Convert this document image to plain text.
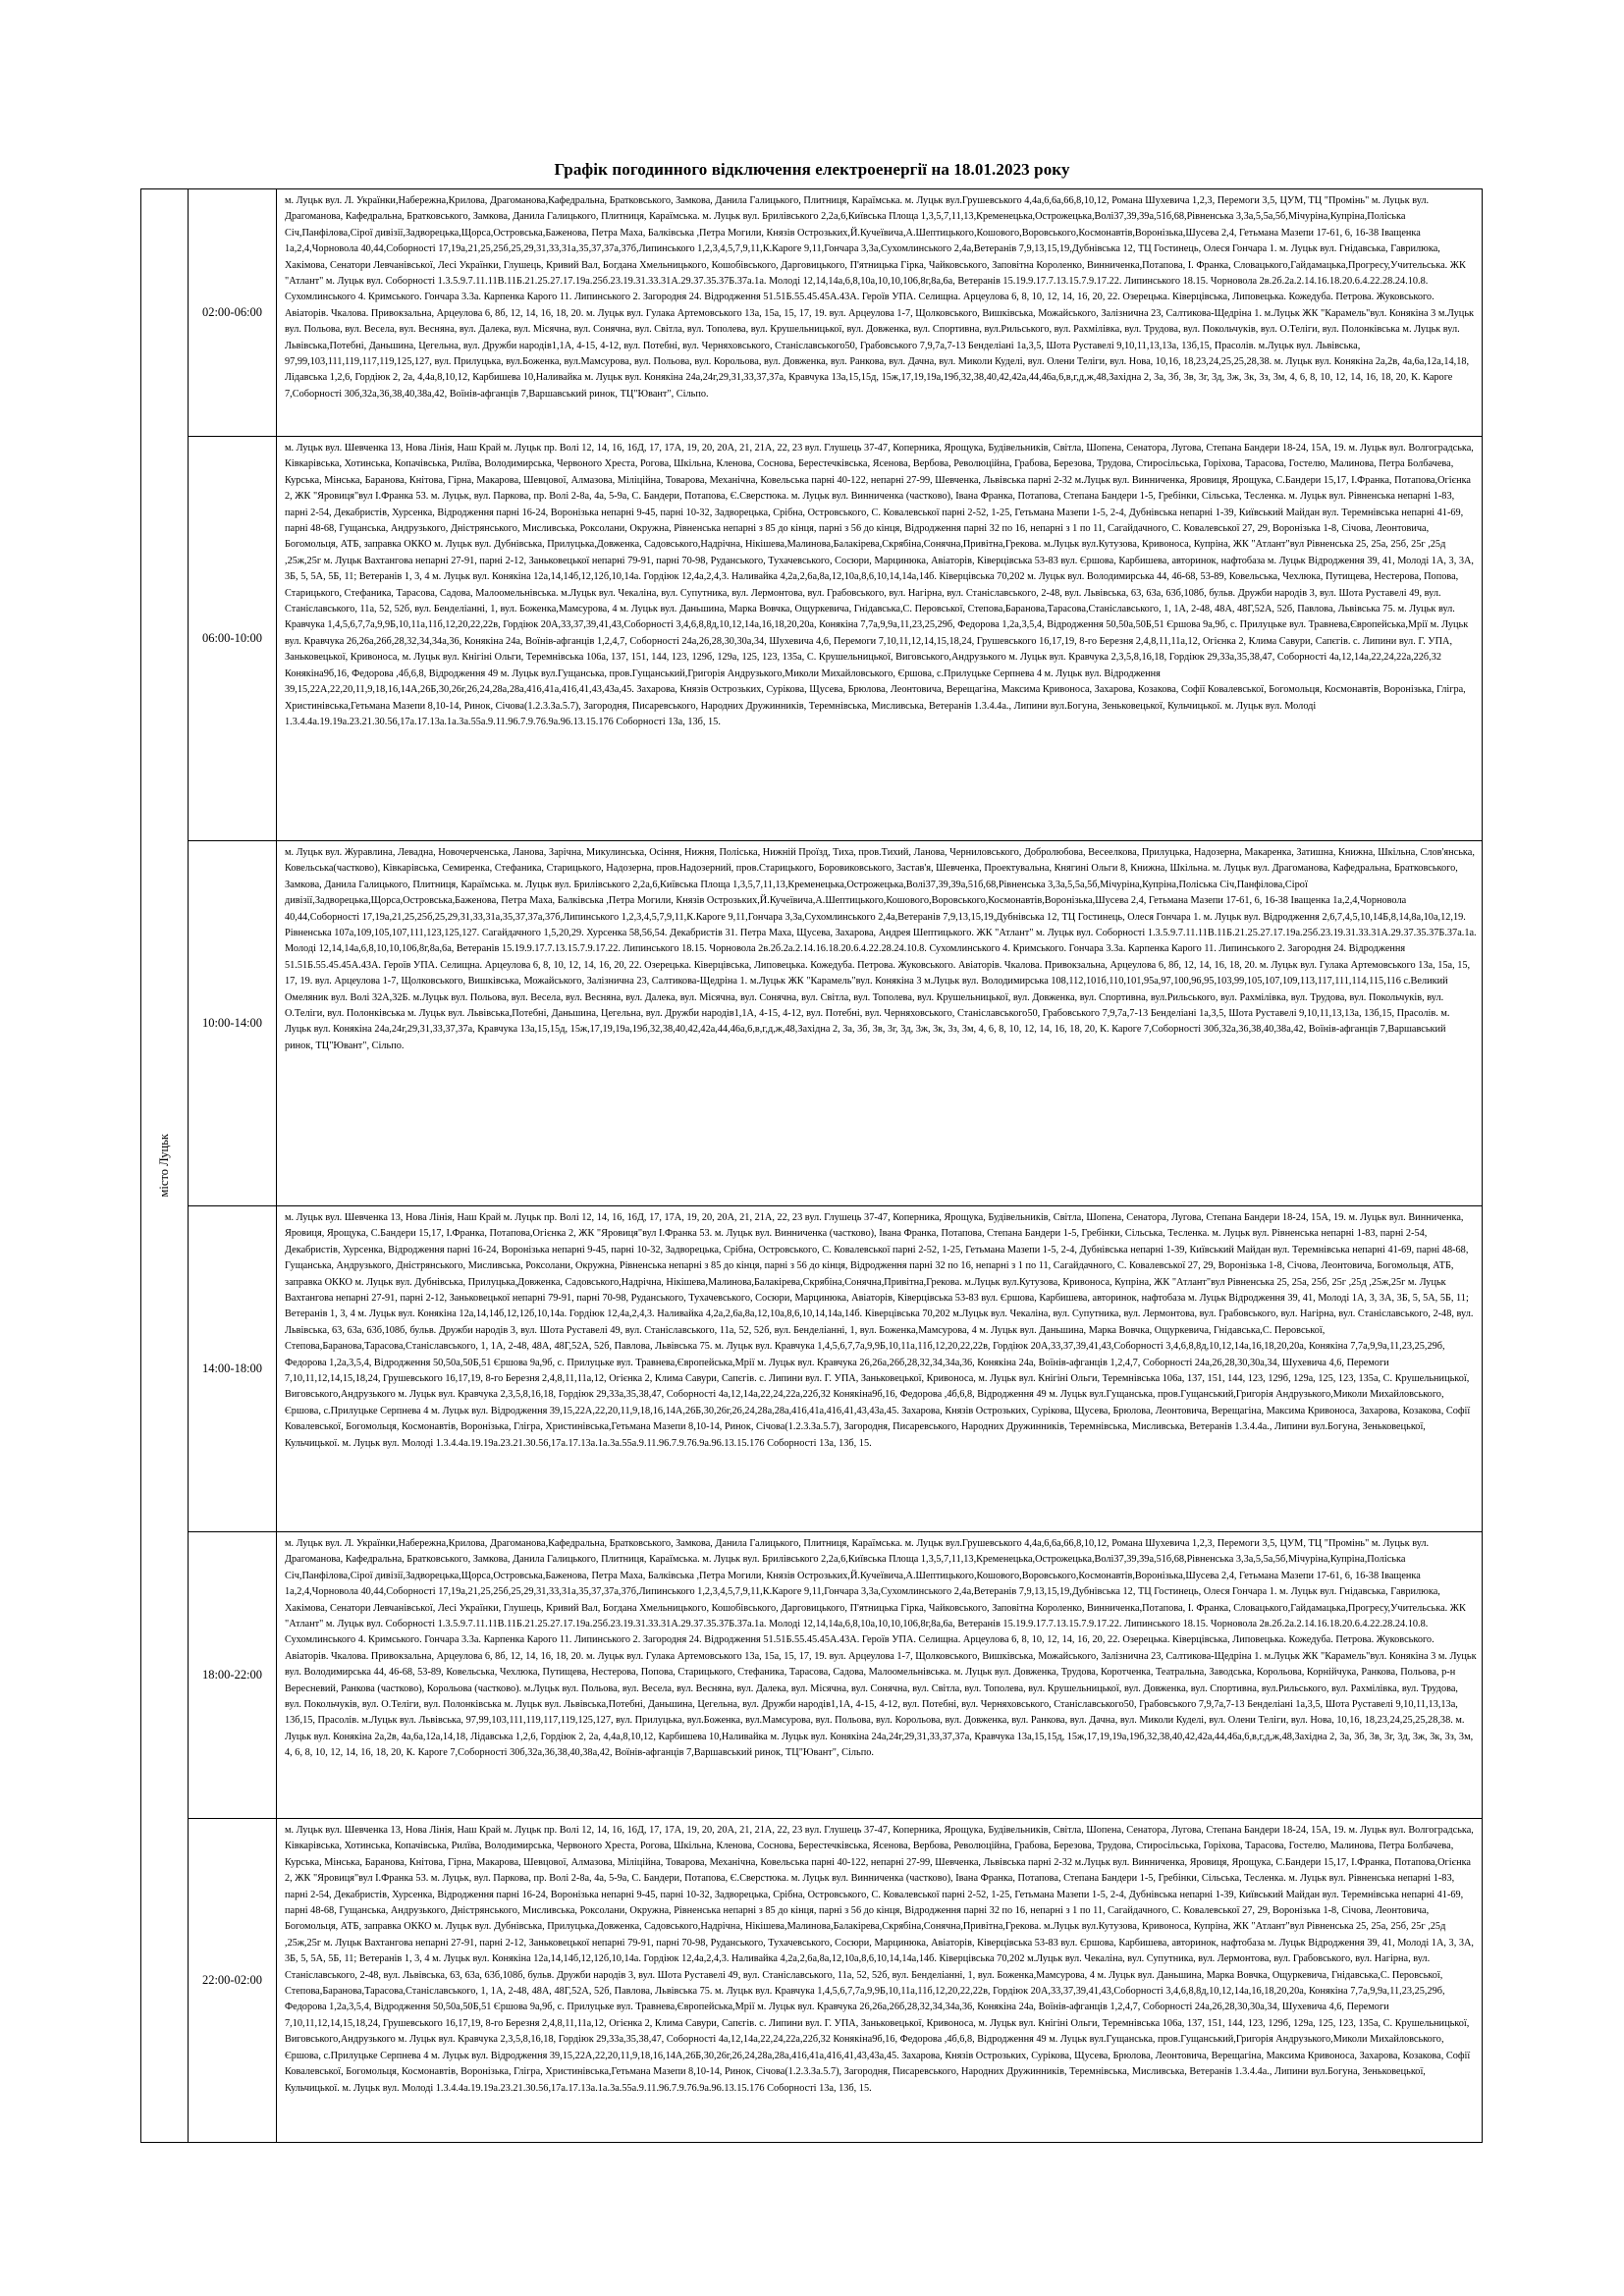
Графік погодинного відключення електроенергії на 18.01.2023 року
місто Луцьк	02:00-06:00	м. Луцьк вул. Л. Українки,Набережна,Крилова, Драгоманова,Кафедральна, Братковського, Замкова, Данила Галицького, Плитниця, Караїмська. м. Луцьк вул.Грушевського 4,4а,6,6а,66,8,10,12, Романа Шухевича 1,2,3, Перемоги 3,5, ЦУМ, ТЦ "Промінь" м. Луцьк вул. Драгоманова, Кафедральна, Братковського, Замкова, Данила Галицького, Плитниця, Караїмська. м. Луцьк вул. Брилівського 2,2а,6,Київська Площа 1,3,5,7,11,13,Кременецька,Острожецька,Волі37,39,39а,51б,68,Рівненська 3,3а,5,5а,5б,Мічуріна,Купріна,Поліська Січ,Панфілова,Сірої дивізії,Задворецька,Щорса,Островська,Баженова, Петра Маха, Балківська ,Петра Могили, Князів Острозьких,Й.Кучеївича,А.Шептицького,Кошового,Воровського,Космонавтів,Воронізька,Шусева 2,4, Гетьмана Мазепи 17-61, 6, 16-38 Іващенка 1а,2,4,Чорновола 40,44,Соборності 17,19а,21,25,25б,25,29,31,33,31а,35,37,37а,37б,Липинського 1,2,3,4,5,7,9,11,К.Кароге 9,11,Гончара 3,3а,Сухомлинського 2,4а,Ветеранів 7,9,13,15,19,Дубнівська 12, ТЦ Гостинець, Олеся Гончара 1. м. Луцьк вул. Гнідавська, Гаврилюка, Хакімова, Сенатори Левчанівської, Лесі Українки, Глушець, Кривий Вал, Богдана Хмельницького, Кошобівського, Дарговицького, П'ятницька Гірка, Чайковського, Заповітна Короленко, Винниченка,Потапова, І. Франка, Словацького,Гайдамацька,Прогресу,Учительська. ЖК "Атлант" м. Луцьк вул. Соборності 1.3.5.9.7.11.11В.11Б.21.25.27.17.19а.25б.23.19.31.33.31А.29.37.35.37Б.37а.1а. Молоді 12,14,14а,6,8,10а,10,10,106,8г,8а,6а, Ветеранів 15.19.9.17.7.13.15.7.9.17.22. Липинського 18.15. Чорновола 2в.2б.2а.2.14.16.18.20.6.4.22.28.24.10.8. Сухомлинського 4. Кримського. Гончара 3.3а. Карпенка Карого 11. Липинського 2. Загородня 24. Відродження 51.51Б.55.45.45А.43А. Героїв УПА. Селищна. Арцеулова 6, 8, 10, 12, 14, 16, 20, 22. Озерецька. Ківерцівська, Липовецька. Кожедуба. Петрова. Жуковського. Авіаторів. Чкалова. Привокзальна, Арцеулова 6, 8б, 12, 14, 16, 18, 20. м. Луцьк вул. Гулака Артемовського 13а, 15а, 15, 17, 19. вул. Арцеулова 1-7, Щолковського, Вишківська, Можайського, Залізнична 23, Салтикова-Щедріна 1. м.Луцьк ЖК "Карамель"вул. Конякіна 3 м.Луцьк вул. Польова, вул. Весела, вул. Веснянa, вул. Далека, вул. Місячна, вул. Сонячна, вул. Світла, вул. Тополева, вул. Крушельницької, вул. Довженка, вул. Спортивна, вул.Рильського, вул. Рахмілівка, вул. Трудова, вул. Покольчуків, вул. О.Теліги, вул. Полонківська м. Луцьк вул. Львівська,Потебні, Даньшина, Цегельна, вул. Дружби народів1,1А, 4-15, 4-12, вул. Потебні, вул. Черняховського, Станіславського50, Грабовського 7,9,7а,7-13 Бенделіані 1а,3,5, Шота Руставелі 9,10,11,13,13а, 13б,15, Прасолів. м.Луцьк вул. Львівська, 97,99,103,111,119,117,119,125,127, вул. Прилуцька, вул.Боженка, вул.Мамсурова, вул. Польова, вул. Корольова, вул. Довженка, вул. Ранкова, вул. Дачна, вул. Миколи Куделі, вул. Олени Теліги, вул. Нова, 10,16, 18,23,24,25,25,28,38. м. Луцьк вул. Конякіна 2а,2в, 4а,6а,12а,14,18, Лідавська 1,2,6, Гордіюк 2, 2а, 4,4а,8,10,12, Карбишева 10,Наливайка м. Луцьк вул. Конякіна 24а,24г,29,31,33,37,37а, Кравчука 13а,15,15д, 15ж,17,19,19а,19б,32,38,40,42,42а,44,46а,6,в,г,д,ж,48,Західна 2, 3а, 3б, 3в, 3г, 3д, 3ж, 3к, 3з, 3м, 4, 6, 8, 10, 12, 14, 16, 18, 20, К. Кароге 7,Соборності 30б,32а,36,38,40,38а,42, Воїнів-афганців 7,Варшавський ринок, ТЦ"Ювант", Сільпо.
	06:00-10:00	м. Луцьк вул. Шевченка 13, Нова Лінія, Наш Край м. Луцьк пр. Волі 12, 14, 16, 16Д, 17, 17А, 19, 20, 20А, 21, 21А, 22, 23 вул. Глушець 37-47, Коперника, Ярощука, Будівельників, Світла, Шопена, Сенатора, Лугова, Степана Бандери 18-24, 15А, 19. м. Луцьк вул. Волгоградська, Ківкарівська, Хотинська, Копачівська, Рилїва, Володимирська, Червоного Хреста, Рогова, Шкільна, Кленова, Соснова, Берестечківська, Ясенова, Вербова, Революційна, Грабова, Березова, Трудова, Стиросільська, Гоpіхова, Тарасова, Гостелю, Малинова, Петра Болбачева, Курська, Мінська, Баранова, Кнітова, Гірна, Макарова, Шевцової, Алмазова, Міліційна, Товарова, Механічна, Ковельська парні 40-122, непарні 27-99, Шевченка, Львівська парні 2-32 м.Луцьк вул. Винниченка, Яровиця, Ярощука, С.Бандери 15,17, І.Франка, Потапова,Огієнка 2, ЖК "Яровиця"вул І.Франка 53. м. Луцьк, вул. Паркова, пр. Волі 2-8а, 4а, 5-9а, С. Бандери, Потапова, Є.Сверстюка. м. Луцьк вул. Винниченка (частково), Івана Франка, Потапова, Степана Бандери 1-5, Гребінки, Сільська, Тесленка. м. Луцьк вул. Рівненська непарні 1-83, парні 2-54, Декабристів, Хурсенка, Відродження парні 16-24, Воронізька непарні 9-45, парні 10-32, Задворецька, Срібна, Островського, С. Ковалевської парні 2-52, 1-25, Гетьмана Мазепи 1-5, 2-4, Дубнівська непарні 1-39, Київський Майдан вул. Теремнівська непарні 41-69, парні 48-68, Гущанська, Андрузького, Дністрянського, Мисливська, Роксолани, Окружна, Рівненська непарні з 85 до кінця, парні з 56 до кінця, Відродження парні 32 по 16, непарні з 1 по 11, Сагайдачного, С. Ковалевської 27, 29, Воронізька 1-8, Січова, Леонтовича, Богомольця, АТБ, заправка ОККО м. Луцьк вул. Дубнівська, Прилуцька,Довженка, Садовського,Надрічна, Нікішева,Малинова,Балакірева,Скрябіна,Сонячна,Привітна,Грекова. м.Луцьк вул.Кутузова, Кривоноса, Купріна, ЖК "Атлант"вул Рівненська 25, 25а, 25б, 25г ,25д ,25ж,25г м. Луцьк Вахтангова непарні 27-91, парні 2-12, Заньковецької непарні 79-91, парні 70-98, Руданського, Тухачевського, Сосюри, Марцинюка, Авіаторів, Ківерцівська 53-83 вул. Єршова, Карбишева, авторинок, нафтобаза м. Луцьк Відродження 39, 41, Молоді 1А, 3, 3А, 3Б, 5, 5А, 5Б, 11; Ветеранів 1, 3, 4 м. Луцьк вул. Конякіна 12а,14,14б,12,12б,10,14а. Гордіюк 12,4а,2,4,3. Наливайка 4,2а,2,6а,8а,12,10а,8,6,10,14,14а,14б. Ківерцівська 70,202 м. Луцьк вул. Володимирська 44, 46-68, 53-89, Ковельська, Чехлюка, Путищева, Нестерова, Попова, Старицького, Стефаника, Тарасова, Садова, Малоомельнівська. м.Луцьк вул. Чекаліна, вул. Супутника, вул. Лермонтова, вул. Грабовського, вул. Нагірна, вул. Станіславського, 2-48, вул. Львівська, 63, 63а, 63б,108б, бульв. Дружби народів 3, вул. Шота Руставелі 49, вул. Станіславського, 11а, 52, 52б, вул. Бенделіанні, 1, вул. Боженка,Мамсурова, 4 м. Луцьк вул. Даньшина, Марка Вовчка, Ощуркевича, Гнідавська,С. Перовської, Степова,Баранова,Тарасова,Станіславського, 1, 1А, 2-48, 48А, 48Г,52А, 52б, Павлова, Львівська 75. м. Луцьк вул. Кравчука 1,4,5,6,7,7а,9,9Б,10,11а,11б,12,20,22,22в, Гордіюк 20А,33,37,39,41,43,Соборності 3,4,6,8,8д,10,12,14а,16,18,20,20а, Конякіна 7,7а,9,9а,11,23,25,29б, Федорова 1,2а,3,5,4, Відродження 50,50а,50Б,51 Єршова 9а,9б, с. Прилуцьке вул. Травнева,Європейська,Мрії м. Луцьк вул. Кравчука 26,26а,26б,28,32,34,34а,36, Конякіна 24а, Воїнів-афганців 1,2,4,7, Соборності 24а,26,28,30,30а,34, Шухевича 4,6, Перемоги 7,10,11,12,14,15,18,24, Грушевського 16,17,19, 8-го Березня 2,4,8,11,11а,12, Огієнка 2, Клима Савури, Сапєгів. с. Липини вул. Г. УПА, Заньковецької, Кривоноса, м. Луцьк вул. Кнігіні Ольги, Теремнівська 106а, 137, 151, 144, 123, 129б, 129а, 125, 123, 135а, С. Крушельницької, Виговського,Андрузького м. Луцьк вул. Кравчука 2,3,5,8,16,18, Гордіюк 29,33а,35,38,47, Соборності 4а,12,14а,22,24,22а,22б,32 Конякіна9б,16, Федорова ,4б,6,8, Відродження 49 м. Луцьк вул.Гущанська, пров.Гущанський,Григорія Андрузького,Миколи Михайловського, Єршова, с.Прилуцьке Серпнева 4 м. Луцьк вул. Відродження 39,15,22А,22,20,11,9,18,16,14А,26Б,30,26г,26,24,28а,28а,416,41а,416,41,43,43а,45. Захарова, Князів Острозьких, Сурікова, Щусева, Брюлова, Леонтовича, Верещагіна, Максима Кривоноса, Захарова, Козакова, Софії Ковалевської, Богомольця, Космонавтів, Воронізька, Глігра, Христинівська,Гетьмана Мазепи 8,10-14, Ринок, Січова(1.2.3.За.5.7), Загородня, Писаревського, Народних Дружинників, Теремнівська, Мисливська, Ветеранів 1.3.4.4а., Липини вул.Богуна, Зеньковецької, Кульчицької. м. Луцьк вул. Молоді 1.3.4.4а.19.19а.23.21.30.56,17а.17.13а.1а.3а.55а.9.11.96.7.9.76.9а.96.13.15.176 Соборності 13а, 13б, 15.
	10:00-14:00	м. Луцьк вул. Журавлина, Левадна, Новочерченська, Ланова, Зарічна, Микулинська, Осіння, Нижня, Полiська, Нижній Проїзд, Тиха, пров.Тихий, Ланова, Черниловського, Добролюбова, Весеелкова, Прилуцька, Надозерна, Макаренка, Затишна, Книжна, Шкільна, Слов'янська, Ковельська(частково), Ківкарівська, Семиренка, Стефаника, Старицького, Надозерна, пров.Надозерний, пров.Старицького, Боровиковського, Застав'я, Шевченка, Проектувальна, Княгинi Ольги 8, Книжна, Шкiльна. м. Луцьк вул. Драгоманова, Кафедральна, Братковського, Замкова, Данила Галицького, Плитниця, Караїмська. м. Луцьк вул. Брилівського 2,2а,6,Київська Площа 1,3,5,7,11,13,Кременецька,Острожецька,Волі37,39,39а,51б,68,Рівненська 3,3а,5,5а,5б,Мічуріна,Купріна,Поліська Січ,Панфілова,Сірої дивізії,Задворецька,Щорса,Островська,Баженова, Петра Маха, Балківська ,Петра Могили, Князів Острозьких,Й.Кучеївича,А.Шептицького,Кошового,Воровського,Космонавтів,Воронізька,Шусева 2,4, Гетьмана Мазепи 17-61, 6, 16-38 Іващенка 1а,2,4,Чорновола 40,44,Соборності 17,19а,21,25,25б,25,29,31,33,31а,35,37,37а,37б,Липинського 1,2,3,4,5,7,9,11,К.Кароге 9,11,Гончара 3,3а,Сухомлинського 2,4а,Ветеранів 7,9,13,15,19,Дубнівська 12, ТЦ Гостинець, Олеся Гончара 1. м. Луцьк вул. Відродження 2,6,7,4,5,10,14Б,8,14,8а,10а,12,19. Рівненська 107а,109,105,107,111,123,125,127. Сагайдачного 1,5,20,29. Хурсенка 58,56,54. Декабристів 31. Петра Маха, Щусева, Захарова, Андрея Шептицького. ЖК "Атлант" м. Луцьк вул. Соборності 1.3.5.9.7.11.11В.11Б.21.25.27.17.19а.25б.23.19.31.33.31А.29.37.35.37Б.37а.1а. Молоді 12,14,14а,6,8,10,10,106,8г,8а,6а, Ветеранів 15.19.9.17.7.13.15.7.9.17.22. Липинського 18.15. Чорновола 2в.2б.2а.2.14.16.18.20.6.4.22.28.24.10.8. Сухомлинського 4. Кримського. Гончара 3.3а. Карпенка Карого 11. Липинського 2. Загородня 24. Відродження 51.51Б.55.45.45А.43А. Героїв УПА. Селищна. Арцеулова 6, 8, 10, 12, 14, 16, 20, 22. Озерецька. Ківерцівська, Липовецька. Кожедуба. Петрова. Жуковського. Авіаторів. Чкалова. Привокзальна, Арцеулова 6, 8б, 12, 14, 16, 18, 20. м. Луцьк вул. Гулака Артемовського 13а, 15а, 15, 17, 19. вул. Арцеулова 1-7, Щолковського, Вишківська, Можайського, Залізнична 23, Салтикова-Щедріна 1. м.Луцьк ЖК "Карамель"вул. Конякіна 3 м.Луцьк вул. Володимирська 108,112,101б,110,101,95а,97,100,96,95,103,99,105,107,109,113,117,111,114,115,116 с.Великий Омеляник вул. Волі 32А,32Б. м.Луцьк вул. Польова, вул. Весела, вул. Весняна, вул. Далека, вул. Місячна, вул. Сонячна, вул. Світла, вул. Тополева, вул. Крушельницької, вул. Довженка, вул. Спортивна, вул.Рильського, вул. Рахмілівка, вул. Трудова, вул. Покольчуків, вул. О.Теліги, вул. Полонківська м. Луцьк вул. Львівська,Потебні, Даньшина, Цегельна, вул. Дружби народів1,1А, 4-15, 4-12, вул. Потебні, вул. Черняховського, Станіславського50, Грабовського 7,9,7а,7-13 Бенделіані 1а,3,5, Шота Руставелі 9,10,11,13,13а, 13б,15, Прасолів. м. Луцьк вул. Конякіна 24а,24г,29,31,33,37,37а, Кравчука 13а,15,15д, 15ж,17,19,19а,19б,32,38,40,42,42а,44,46а,6,в,г,д,ж,48,Західна 2, 3а, 3б, 3в, 3г, 3д, 3ж, 3к, 3з, 3м, 4, 6, 8, 10, 12, 14, 16, 18, 20, К. Кароге 7,Соборності 30б,32а,36,38,40,38а,42, Воїнів-афганців 7,Варшавський ринок, ТЦ"Ювант", Сільпо.
	14:00-18:00	м. Луцьк вул. Шевченка 13, Нова Лінія, Наш Край м. Луцьк пр. Волі 12, 14, 16, 16Д, 17, 17А, 19, 20, 20А, 21, 21А, 22, 23 вул. Глушець 37-47, Коперника, Ярощука, Будівельників, Світла, Шопена, Сенатора, Лугова, Степана Бандери 18-24, 15А, 19. м. Луцьк вул. Винниченка, Яровиця, Ярощука, С.Бандери 15,17, І.Франка, Потапова,Огієнка 2, ЖК "Яровиця"вул І.Франка 53. м. Луцьк вул. Винниченка (частково), Івана Франка, Потапова, Степана Бандери 1-5, Гребінки, Сільська, Тесленка. м. Луцьк вул. Рівненська непарні 1-83, парні 2-54, Декабристів, Хурсенка, Відродження парні 16-24, Воронізька непарні 9-45, парні 10-32, Задворецька, Срібна, Островського, С. Ковалевської парні 2-52, 1-25, Гетьмана Мазепи 1-5, 2-4, Дубнівська непарні 1-39, Київський Майдан вул. Теремнівська непарні 41-69, парні 48-68, Гущанська, Андрузького, Дністрянського, Мисливська, Роксолани, Окружна, Рівненська непарні з 85 до кінця, парні з 56 до кінця, Відродження парні 32 по 16, непарні з 1 по 11, Сагайдачного, С. Ковалевської 27, 29, Воронізька 1-8, Січова, Леонтовича, Богомольця, АТБ, заправка ОККО м. Луцьк вул. Дубнівська, Прилуцька,Довженка, Садовського,Надрічна, Нікішева,Малинова,Балакірева,Скрябіна,Сонячна,Привітна,Грекова. м.Луцьк вул.Кутузова, Кривоноса, Купріна, ЖК "Атлант"вул Рівненська 25, 25а, 25б, 25г ,25д ,25ж,25г м. Луцьк Вахтангова непарні 27-91, парні 2-12, Заньковецької непарні 79-91, парні 70-98, Руданського, Тухачевського, Сосюри, Марцинюка, Авіаторів, Ківерцівська 53-83 вул. Єршова, Карбишева, авторинок, нафтобаза м. Луцьк Відродження 39, 41, Молоді 1А, 3, 3А, 3Б, 5, 5А, 5Б, 11; Ветеранів 1, 3, 4 м. Луцьк вул. Конякіна 12а,14,14б,12,12б,10,14а. Гордіюк 12,4а,2,4,3. Наливайка 4,2а,2,6а,8а,12,10а,8,6,10,14,14а,14б. Ківерцівська 70,202 м.Луцьк вул. Чекаліна, вул. Супутника, вул. Лермонтова, вул. Грабовського, вул. Нагірна, вул. Станіславського, 2-48, вул. Львівська, 63, 63а, 63б,108б, бульв. Дружби народів 3, вул. Шота Руставелі 49, вул. Станіславського, 11а, 52, 52б, вул. Бенделіанні, 1, вул. Боженка,Мамсурова, 4 м. Луцьк вул. Даньшина, Марка Вовчка, Ощуркевича, Гнідавська,С. Перовської, Степова,Баранова,Тарасова,Станіславського, 1, 1А, 2-48, 48А, 48Г,52А, 52б, Павлова, Львівська 75. м. Луцьк вул. Кравчука 1,4,5,6,7,7а,9,9Б,10,11а,11б,12,20,22,22в, Гордіюк 20А,33,37,39,41,43,Соборності 3,4,6,8,8д,10,12,14а,16,18,20,20а, Конякіна 7,7а,9,9а,11,23,25,29б, Федорова 1,2а,3,5,4, Відродження 50,50а,50Б,51 Єршова 9а,9б, с. Прилуцьке вул. Травнева,Європейська,Мрії м. Луцьк вул. Кравчука 26,26а,26б,28,32,34,34а,36, Конякіна 24а, Воїнів-афганців 1,2,4,7, Соборності 24а,26,28,30,30а,34, Шухевича 4,6, Перемоги 7,10,11,12,14,15,18,24, Грушевського 16,17,19, 8-го Березня 2,4,8,11,11а,12, Огієнка 2, Клима Савури, Сапєгів. с. Липини вул. Г. УПА, Заньковецької, Кривоноса, м. Луцьк вул. Кнігіні Ольги, Теремнівська 106а, 137, 151, 144, 123, 129б, 129а, 125, 123, 135а, С. Крушельницької, Виговського,Андрузького м. Луцьк вул. Кравчука 2,3,5,8,16,18, Гордіюк 29,33а,35,38,47, Соборності 4а,12,14а,22,24,22а,22б,32 Конякіна9б,16, Федорова ,4б,6,8, Відродження 49 м. Луцьк вул.Гущанська, пров.Гущанський,Григорія Андрузького,Миколи Михайловського, Єршова, с.Прилуцьке Серпнева 4 м. Луцьк вул. Відродження 39,15,22А,22,20,11,9,18,16,14А,26Б,30,26г,26,24,28а,28а,416,41а,416,41,43,43а,45. Захарова, Князів Острозьких, Сурікова, Щусева, Брюлова, Леонтовича, Верещагіна, Максима Кривоноса, Захарова, Козакова, Софії Ковалевської, Богомольця, Космонавтів, Воронізька, Глігра, Христинівська,Гетьмана Мазепи 8,10-14, Ринок, Січова(1.2.3.За.5.7), Загородня, Писаревського, Народних Дружинників, Теремнівська, Мисливська, Ветеранів 1.3.4.4а., Липини вул.Богуна, Зеньковецької, Кульчицької. м. Луцьк вул. Молоді 1.3.4.4а.19.19а.23.21.30.56,17а.17.13а.1а.3а.55а.9.11.96.7.9.76.9а.96.13.15.176 Соборності 13а, 13б, 15.
	18:00-22:00	м. Луцьк вул. Л. Українки,Набережна,Крилова, Драгоманова,Кафедральна, Братковського, Замкова, Данила Галицького, Плитниця, Караїмська. м. Луцьк вул.Грушевського 4,4а,6,6а,66,8,10,12, Романа Шухевича 1,2,3, Перемоги 3,5, ЦУМ, ТЦ "Промінь" м. Луцьк вул. Драгоманова, Кафедральна, Братковського, Замкова, Данила Галицького, Плитниця, Караїмська. м. Луцьк вул. Брилівського 2,2а,6,Київська Площа 1,3,5,7,11,13,Кременецька,Острожецька,Волі37,39,39а,51б,68,Рівненська 3,3а,5,5а,5б,Мічуріна,Купріна,Поліська Січ,Панфілова,Сірої дивізії,Задворецька,Щорса,Островська,Баженова, Петра Маха, Балківська ,Петра Могили, Князів Острозьких,Й.Кучеївича,А.Шептицького,Кошового,Воровського,Космонавтів,Воронізька,Шусева 2,4, Гетьмана Мазепи 17-61, 6, 16-38 Іващенка 1а,2,4,Чорновола 40,44,Соборності 17,19а,21,25,25б,25,29,31,33,31а,35,37,37а,37б,Липинського 1,2,3,4,5,7,9,11,К.Кароге 9,11,Гончара 3,3а,Сухомлинського 2,4а,Ветеранів 7,9,13,15,19,Дубнівська 12, ТЦ Гостинець, Олеся Гончара 1. м. Луцьк вул. Гнідавська, Гаврилюка, Хакімова, Сенатори Левчанівської, Лесі Українки, Глушець, Кривий Вал, Богдана Хмельницького, Кошобівського, Дарговицького, П'ятницька Гірка, Чайковського, Заповітна Короленко, Винниченка,Потапова, І. Франка, Словацького,Гайдамацька,Прогресу,Учительська. ЖК "Атлант" м. Луцьк вул. Соборності 1.3.5.9.7.11.11В.11Б.21.25.27.17.19а.25б.23.19.31.33.31А.29.37.35.37Б.37а.1а. Молоді 12,14,14а,6,8,10а,10,10,106,8г,8а,6а, Ветеранів 15.19.9.17.7.13.15.7.9.17.22. Липинського 18.15. Чорновола 2в.2б.2а.2.14.16.18.20.6.4.22.28.24.10.8. Сухомлинського 4. Кримського. Гончара 3.3а. Карпенка Карого 11. Липинського 2. Загородня 24. Відродження 51.51Б.55.45.45А.43А. Героїв УПА. Селищна. Арцеулова 6, 8, 10, 12, 14, 16, 20, 22. Озерецька. Ківерцівська, Липовецька. Кожедуба. Петрова. Жуковського. Авіаторів. Чкалова. Привокзальна, Арцеулова 6, 8б, 12, 14, 16, 18, 20. м. Луцьк вул. Гулака Артемовського 13а, 15а, 15, 17, 19. вул. Арцеулова 1-7, Щолковського, Вишківська, Можайського, Залізнична 23, Салтикова-Щедріна 1. м.Луцьк ЖК "Карамель"вул. Конякіна 3 м. Луцьк вул. Володимирська 44, 46-68, 53-89, Ковельська, Чехлюка, Путищева, Нестерова, Попова, Старицького, Стефаника, Тарасова, Садова, Малоомельнівська. м. Луцьк вул. Довженка, Трудова, Коротченка, Театральна, Заводська, Корольова, Корнійчука, Ранкова, Польова, р-н Вересневий, Ранкова (частково), Корольова (частково). м.Луцьк вул. Польова, вул. Весела, вул. Весняна, вул. Далека, вул. Місячна, вул. Сонячна, вул. Світла, вул. Тополева, вул. Крушельницької, вул. Довженка, вул. Спортивна, вул.Рильського, вул. Рахмілівка, вул. Трудова, вул. Покольчуків, вул. О.Теліги, вул. Полонківська м. Луцьк вул. Львівська,Потебні, Даньшина, Цегельна, вул. Дружби народів1,1А, 4-15, 4-12, вул. Потебні, вул. Черняховського, Станіславського50, Грабовського 7,9,7а,7-13 Бенделіані 1а,3,5, Шота Руставелі 9,10,11,13,13а, 13б,15, Прасолів. м.Луцьк вул. Львівська, 97,99,103,111,119,117,119,125,127, вул. Прилуцька, вул.Боженка, вул.Мамсурова, вул. Польова, вул. Корольова, вул. Довженка, вул. Ранкова, вул. Дачна, вул. Миколи Куделі, вул. Олени Теліги, вул. Нова, 10,16, 18,23,24,25,25,28,38. м. Луцьк вул. Конякіна 2а,2в, 4а,6а,12а,14,18, Лідавська 1,2,6, Гордіюк 2, 2а, 4,4а,8,10,12, Карбишева 10,Наливайка м. Луцьк вул. Конякіна 24а,24г,29,31,33,37,37а, Кравчука 13а,15,15д, 15ж,17,19,19а,19б,32,38,40,42,42а,44,46а,6,в,г,д,ж,48,Західна 2, 3а, 3б, 3в, 3г, 3д, 3ж, 3к, 3з, 3м, 4, 6, 8, 10, 12, 14, 16, 18, 20, К. Кароге 7,Соборності 30б,32а,36,38,40,38а,42, Воїнів-афганців 7,Варшавський ринок, ТЦ"Ювант", Сільпо.
	22:00-02:00	м. Луцьк вул. Шевченка 13, Нова Лінія, Наш Край м. Луцьк пр. Волі 12, 14, 16, 16Д, 17, 17А, 19, 20, 20А, 21, 21А, 22, 23 вул. Глушець 37-47, Коперника, Ярощука, Будівельників, Світла, Шопена, Сенатора, Лугова, Степана Бандери 18-24, 15А, 19. м. Луцьк вул. Волгоградська, Ківкарівська, Хотинська, Копачівська, Рилїва, Володимирська, Червоного Хреста, Рогова, Шкільна, Кленова, Соснова, Берестечківська, Ясенова, Вербова, Революційна, Грабова, Березова, Трудова, Стиросільська, Гоpіхова, Тарасова, Гостелю, Малинова, Петра Болбачева, Курська, Мінська, Баранова, Кнітова, Гірна, Макарова, Шевцової, Алмазова, Міліційна, Товарова, Механічна, Ковельська парні 40-122, непарні 27-99, Шевченка, Львівська парні 2-32 м.Луцьк вул. Винниченка, Яровиця, Ярощука, С.Бандери 15,17, І.Франка, Потапова,Огієнка 2, ЖК "Яровиця"вул І.Франка 53. м. Луцьк, вул. Паркова, пр. Волі 2-8а, 4а, 5-9а, С. Бандери, Потапова, Є.Сверстюка. м. Луцьк вул. Винниченка (частково), Івана Франка, Потапова, Степана Бандери 1-5, Гребінки, Сільська, Тесленка. м. Луцьк вул. Рівненська непарні 1-83, парні 2-54, Декабристів, Хурсенка, Відродження парні 16-24, Воронізька непарні 9-45, парні 10-32, Задворецька, Срібна, Островського, С. Ковалевської парні 2-52, 1-25, Гетьмана Мазепи 1-5, 2-4, Дубнівська непарні 1-39, Київський Майдан вул. Теремнівська непарні 41-69, парні 48-68, Гущанська, Андрузького, Дністрянського, Мисливська, Роксолани, Окружна, Рівненська непарні з 85 до кінця, парні з 56 до кінця, Відродження парні 32 по 16, непарні з 1 по 11, Сагайдачного, С. Ковалевської 27, 29, Воронізька 1-8, Січова, Леонтовича, Богомольця, АТБ, заправка ОККО м. Луцьк вул. Дубнівська, Прилуцька,Довженка, Садовського,Надрічна, Нікішева,Малинова,Балакірева,Скрябіна,Сонячна,Привітна,Грекова. м.Луцьк вул.Кутузова, Кривоноса, Купріна, ЖК "Атлант"вул Рівненська 25, 25а, 25б, 25г ,25д ,25ж,25г м. Луцьк Вахтангова непарні 27-91, парні 2-12, Заньковецької непарні 79-91, парні 70-98, Руданського, Тухачевського, Сосюри, Марцинюка, Авіаторів, Ківерцівська 53-83 вул. Єршова, Карбишева, авторинок, нафтобаза м. Луцьк Відродження 39, 41, Молоді 1А, 3, 3А, 3Б, 5, 5А, 5Б, 11; Ветеранів 1, 3, 4 м. Луцьк вул. Конякіна 12а,14,14б,12,12б,10,14а. Гордіюк 12,4а,2,4,3. Наливайка 4,2а,2,6а,8а,12,10а,8,6,10,14,14а,14б. Ківерцівська 70,202 м.Луцьк вул. Чекаліна, вул. Супутника, вул. Лермонтова, вул. Грабовського, вул. Нагірна, вул. Станіславського, 2-48, вул. Львівська, 63, 63а, 63б,108б, бульв. Дружби народів 3, вул. Шота Руставелі 49, вул. Станіславського, 11а, 52, 52б, вул. Бенделіанні, 1, вул. Боженка,Мамсурова, 4 м. Луцьк вул. Даньшина, Марка Вовчка, Ощуркевича, Гнідавська,С. Перовської, Степова,Баранова,Тарасова,Станіславського, 1, 1А, 2-48, 48А, 48Г,52А, 52б, Павлова, Львівська 75. м. Луцьк вул. Кравчука 1,4,5,6,7,7а,9,9Б,10,11а,11б,12,20,22,22в, Гордіюк 20А,33,37,39,41,43,Соборності 3,4,6,8,8д,10,12,14а,16,18,20,20а, Конякіна 7,7а,9,9а,11,23,25,29б, Федорова 1,2а,3,5,4, Відродження 50,50а,50Б,51 Єршова 9а,9б, с. Прилуцьке вул. Травнева,Європейська,Мрії м. Луцьк вул. Кравчука 26,26а,26б,28,32,34,34а,36, Конякіна 24а, Воїнів-афганців 1,2,4,7, Соборності 24а,26,28,30,30а,34, Шухевича 4,6, Перемоги 7,10,11,12,14,15,18,24, Грушевського 16,17,19, 8-го Березня 2,4,8,11,11а,12, Огієнка 2, Клима Савури, Сапєгів. с. Липини вул. Г. УПА, Заньковецької, Кривоноса, м. Луцьк вул. Кнігіні Ольги, Теремнівська 106а, 137, 151, 144, 123, 129б, 129а, 125, 123, 135а, С. Крушельницької, Виговського,Андрузького м. Луцьк вул. Кравчука 2,3,5,8,16,18, Гордіюк 29,33а,35,38,47, Соборності 4а,12,14а,22,24,22а,22б,32 Конякіна9б,16, Федорова ,4б,6,8, Відродження 49 м. Луцьк вул.Гущанська, пров.Гущанський,Григорія Андрузького,Миколи Михайловського, Єршова, с.Прилуцьке Серпнева 4 м. Луцьк вул. Відродження 39,15,22А,22,20,11,9,18,16,14А,26Б,30,26г,26,24,28а,28а,416,41а,416,41,43,43а,45. Захарова, Князів Острозьких, Сурікова, Щусева, Брюлова, Леонтовича, Верещагіна, Максима Кривоноса, Захарова, Козакова, Софії Ковалевської, Богомольця, Космонавтів, Воронізька, Глігра, Христинівська,Гетьмана Мазепи 8,10-14, Ринок, Січова(1.2.3.За.5.7), Загородня, Писаревського, Народних Дружинників, Теремнівська, Мисливська, Ветеранів 1.3.4.4а., Липини вул.Богуна, Зеньковецької, Кульчицької. м. Луцьк вул. Молоді 1.3.4.4а.19.19а.23.21.30.56,17а.17.13а.1а.3а.55а.9.11.96.7.9.76.9а.96.13.15.176 Соборності 13а, 13б, 15.
